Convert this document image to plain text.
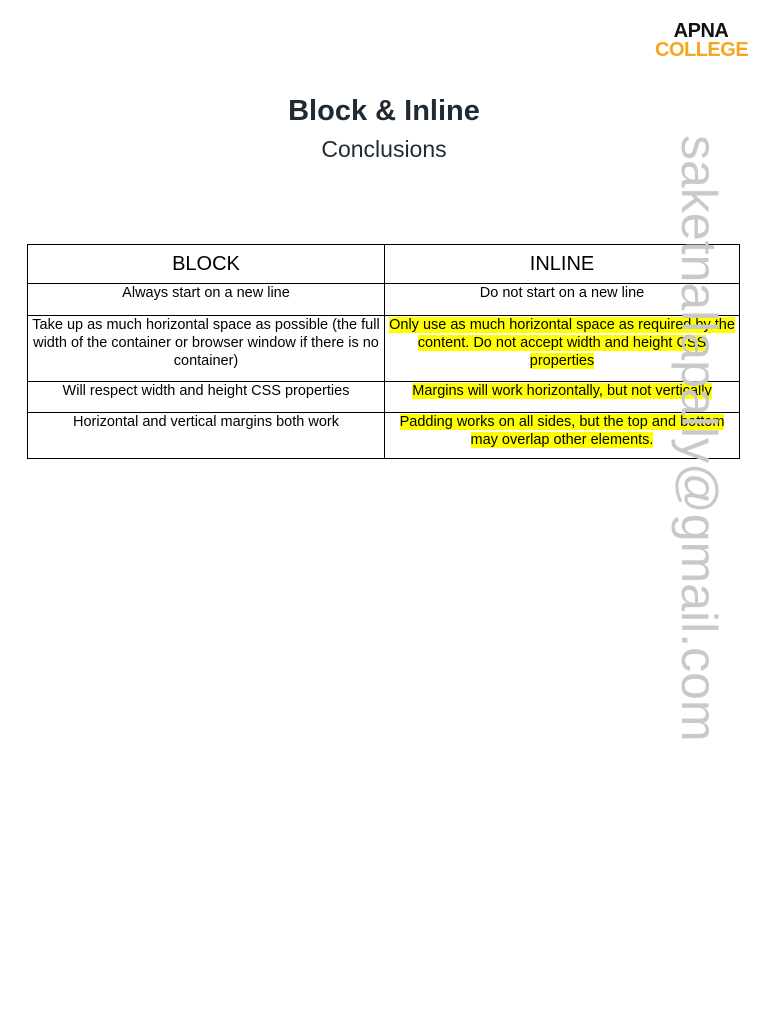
APNA
COLLEGE
Block & Inline
Conclusions
BLOCK	INLINE
Always start on a new line	Do not start on a new line
Take up as much horizontal space as possible (the full width of the container or browser window if there is no container)	Only use as much horizontal space as required by the content. Do not accept width and height CSS properties
Will respect width and height CSS properties	Margins will work horizontally, but not vertically
Horizontal and vertical margins both work	Padding works on all sides, but the top and bottom may overlap other elements. saketnallapally@gmail.com
